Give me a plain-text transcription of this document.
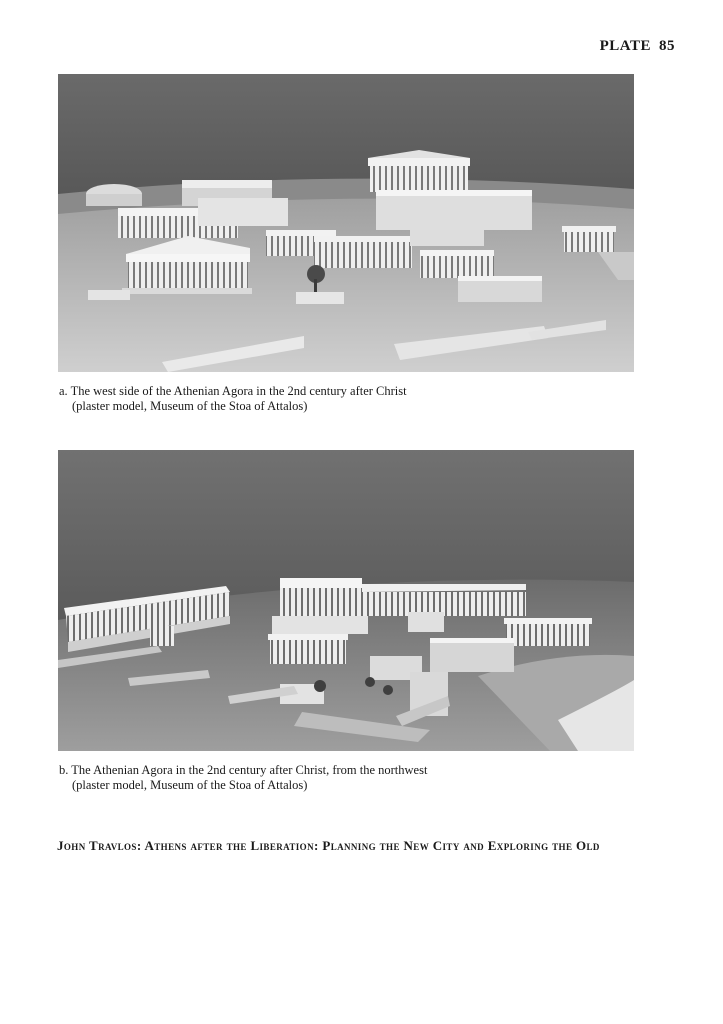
PLATE 85
a. The west side of the Athenian Agora in the 2nd century after Christ
(plaster model, Museum of the Stoa of Attalos)
b. The Athenian Agora in the 2nd century after Christ, from the northwest
(plaster model, Museum of the Stoa of Attalos)
John Travlos: Athens after the Liberation: Planning the New City and Exploring the Old
